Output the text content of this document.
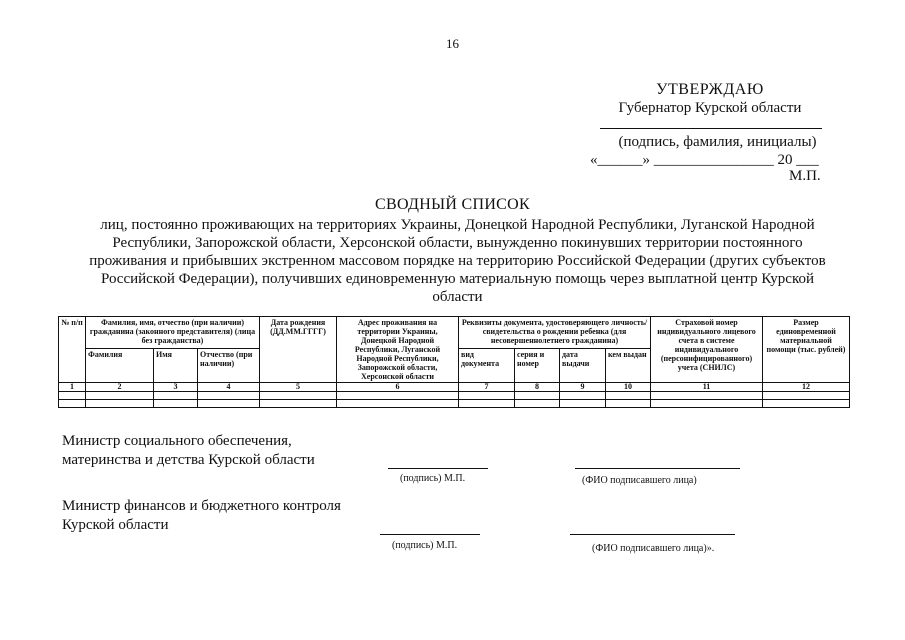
16
УТВЕРЖДАЮ
Губернатор Курской области
(подпись, фамилия, инициалы)
«______» ________________ 20 ___
М.П.
СВОДНЫЙ СПИСОК
лиц, постоянно проживающих на территориях Украины, Донецкой Народной Республики, Луганской Народной Республики, Запорожской области, Херсонской области, вынужденно покинувших территории постоянного проживания и прибывших экстренном массовом порядке на территорию Российской Федерации (других субъектов Российской Федерации), получивших единовременную материальную помощь через выплатной центр Курской области
№ п/п	Фамилия, имя, отчество (при наличии) гражданина (законного представителя) (лица без гражданства)			Дата рождения (ДД.ММ.ГГГГ)	Адрес проживания на территории Украины, Донецкой Народной Республики, Луганской Народной Республики, Запорожской области, Херсонской области	Реквизиты документа, удостоверяющего личность/ свидетельства о рождении ребенка (для несовершеннолетнего гражданина)				Страховой номер индивидуального лицевого счета в системе индивидуального (персонифицированного) учета (СНИЛС)	Размер единовременной материальной помощи (тыс. рублей)
	Фамилия	Имя	Отчество (при наличии)			вид документа	серия и номер	дата выдачи	кем выдан		
1	2	3	4	5	6	7	8	9	10	11	12

Министр социального обеспечения, материнства и детства Курской области
(подпись) М.П.	(ФИО подписавшего лица)
Министр финансов и бюджетного контроля Курской области
(подпись) М.П.	(ФИО подписавшего лица)».
